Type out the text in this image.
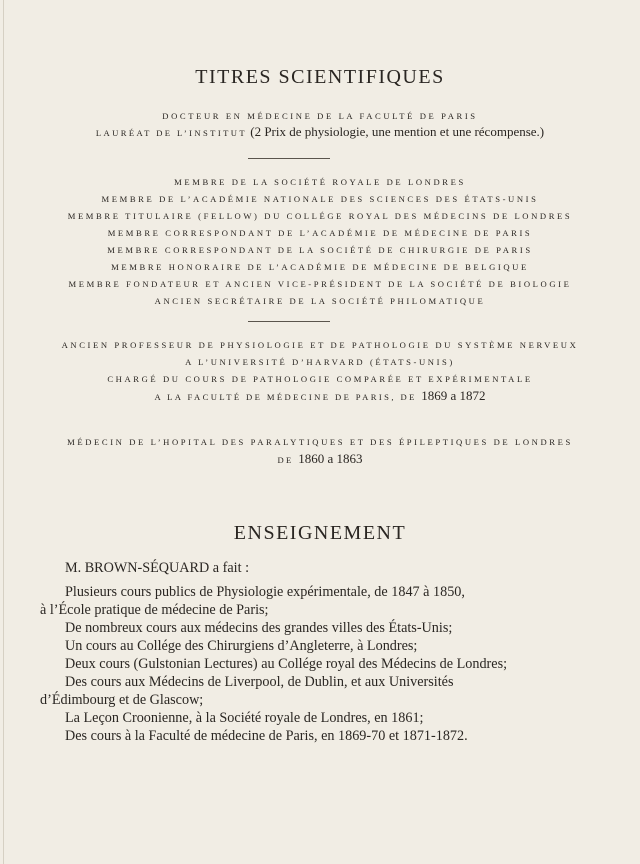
TITRES SCIENTIFIQUES
DOCTEUR EN MÉDECINE DE LA FACULTÉ DE PARIS
LAURÉAT DE L’INSTITUT (2 Prix de physiologie, une mention et une récompense.)
MEMBRE DE LA SOCIÉTÉ ROYALE DE LONDRES
MEMBRE DE L’ACADÉMIE NATIONALE DES SCIENCES DES ÉTATS-UNIS
MEMBRE TITULAIRE (FELLOW) DU COLLÉGE ROYAL DES MÉDECINS DE LONDRES
MEMBRE CORRESPONDANT DE L’ACADÉMIE DE MÉDECINE DE PARIS
MEMBRE CORRESPONDANT DE LA SOCIÉTÉ DE CHIRURGIE DE PARIS
MEMBRE HONORAIRE DE L’ACADÉMIE DE MÉDECINE DE BELGIQUE
MEMBRE FONDATEUR ET ANCIEN VICE-PRÉSIDENT DE LA SOCIÉTÉ DE BIOLOGIE
ANCIEN SECRÉTAIRE DE LA SOCIÉTÉ PHILOMATIQUE
ANCIEN PROFESSEUR DE PHYSIOLOGIE ET DE PATHOLOGIE DU SYSTÈME NERVEUX
A L’UNIVERSITÉ D’HARVARD (ÉTATS-UNIS)
CHARGÉ DU COURS DE PATHOLOGIE COMPARÉE ET EXPÉRIMENTALE
A LA FACULTÉ DE MÉDECINE DE PARIS, DE 1869 a 1872
MÉDECIN DE L’HOPITAL DES PARALYTIQUES ET DES ÉPILEPTIQUES DE LONDRES
DE 1860 a 1863
ENSEIGNEMENT
M. BROWN-SÉQUARD a fait :
Plusieurs cours publics de Physiologie expérimentale, de 1847 à 1850,
à l’École pratique de médecine de Paris;
De nombreux cours aux médecins des grandes villes des États-Unis;
Un cours au Collége des Chirurgiens d’Angleterre, à Londres;
Deux cours (Gulstonian Lectures) au Collége royal des Médecins de Londres;
Des cours aux Médecins de Liverpool, de Dublin, et aux Universités
d’Édimbourg et de Glascow;
La Leçon Croonienne, à la Société royale de Londres, en 1861;
Des cours à la Faculté de médecine de Paris, en 1869-70 et 1871-1872.
